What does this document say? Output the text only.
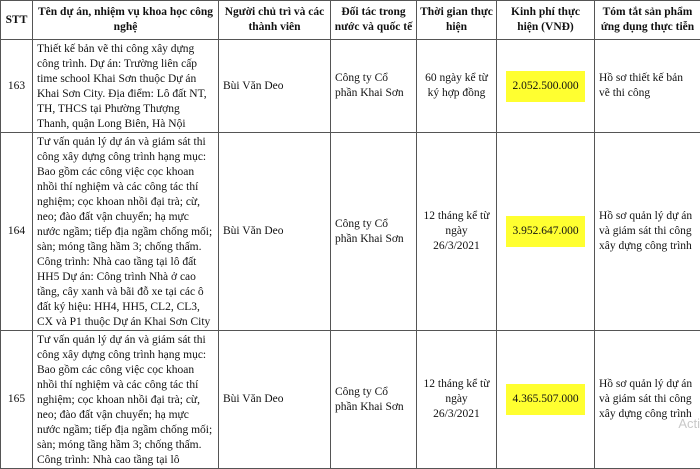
STT	Tên dự án, nhiệm vụ khoa học công nghệ	Người chủ trì và các thành viên	Đối tác trong nước và quốc tế	Thời gian thực hiện	Kinh phí thực hiện (VNĐ)	Tóm tắt sản phẩm ứng dụng thực tiễn
163	Thiết kế bản vẽ thi công xây dựng công trình. Dự án: Trường liên cấp time school Khai Sơn thuộc Dự án Khai Sơn City. Địa điểm: Lô đất NT, TH, THCS tại Phường Thượng Thanh, quận Long Biên, Hà Nội	Bùi Văn Deo	Công ty Cổ phần Khai Sơn	60 ngày kể từ ký hợp đồng	2.052.500.000	Hồ sơ thiết kế bản vẽ thi công
164	Tư vấn quản lý dự án và giám sát thi công xây dựng công trình hạng mục: Bao gồm các công việc cọc khoan nhồi thí nghiệm và các công tác thí nghiệm; cọc khoan nhồi đại trà; cừ, neo; đào đất vận chuyển; hạ mực nước ngầm; tiếp địa ngầm chống mối; sàn; móng tầng hầm 3; chống thấm. Công trình: Nhà cao tầng tại lô đất HH5 Dự án: Công trình Nhà ở cao tầng, cây xanh và bãi đỗ xe tại các ô đất ký hiệu: HH4, HH5, CL2, CL3, CX và P1 thuộc Dự án Khai Sơn City	Bùi Văn Deo	Công ty Cổ phần Khai Sơn	12 tháng kể từ ngày 26/3/2021	3.952.647.000	Hồ sơ quản lý dự án và giám sát thi công xây dựng công trình
165	Tư vấn quản lý dự án và giám sát thi công xây dựng công trình hạng mục: Bao gồm các công việc cọc khoan nhồi thí nghiệm và các công tác thí nghiệm; cọc khoan nhồi đại trà; cừ, neo; đào đất vận chuyển; hạ mực nước ngầm; tiếp địa ngầm chống mối; sàn; móng tầng hầm 3; chống thấm. Công trình: Nhà cao tầng tại lô	Bùi Văn Deo	Công ty Cổ phần Khai Sơn	12 tháng kể từ ngày 26/3/2021	4.365.507.000	Hồ sơ quản lý dự án và giám sát thi công xây dựng công trình
Acti
